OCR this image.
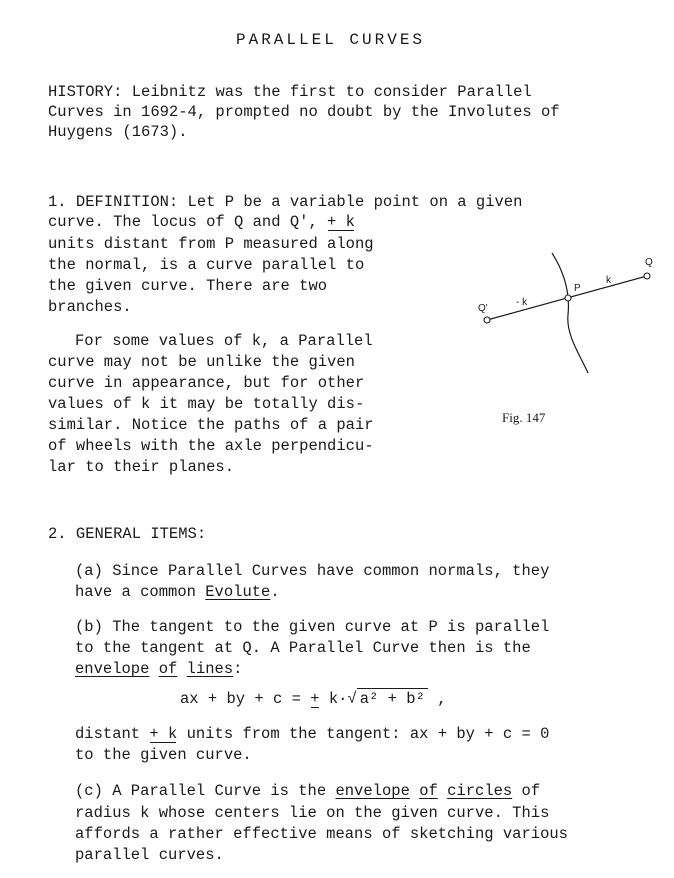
PARALLEL CURVES
HISTORY: Leibnitz was the first to consider Parallel
Curves in 1692-4, prompted no doubt by the Involutes of
Huygens (1673).
1. DEFINITION: Let P be a variable point on a given
curve. The locus of Q and Q', + k
units distant from P measured along
the normal, is a curve parallel to
the given curve. There are two
branches.
For some values of k, a Parallel
curve may not be unlike the given
curve in appearance, but for other
values of k it may be totally dis-
similar. Notice the paths of a pair
of wheels with the axle perpendicu-
lar to their planes.
Q
k
P
- k
Q'
Fig. 147
2. GENERAL ITEMS:
(a) Since Parallel Curves have common normals, they
have a common Evolute.
(b) The tangent to the given curve at P is parallel
to the tangent at Q. A Parallel Curve then is the
envelope of lines:
ax + by + c = + k·√ a² + b² ,
distant + k units from the tangent: ax + by + c = 0
to the given curve.
(c) A Parallel Curve is the envelope of circles of
radius k whose centers lie on the given curve. This
affords a rather effective means of sketching various
parallel curves.
